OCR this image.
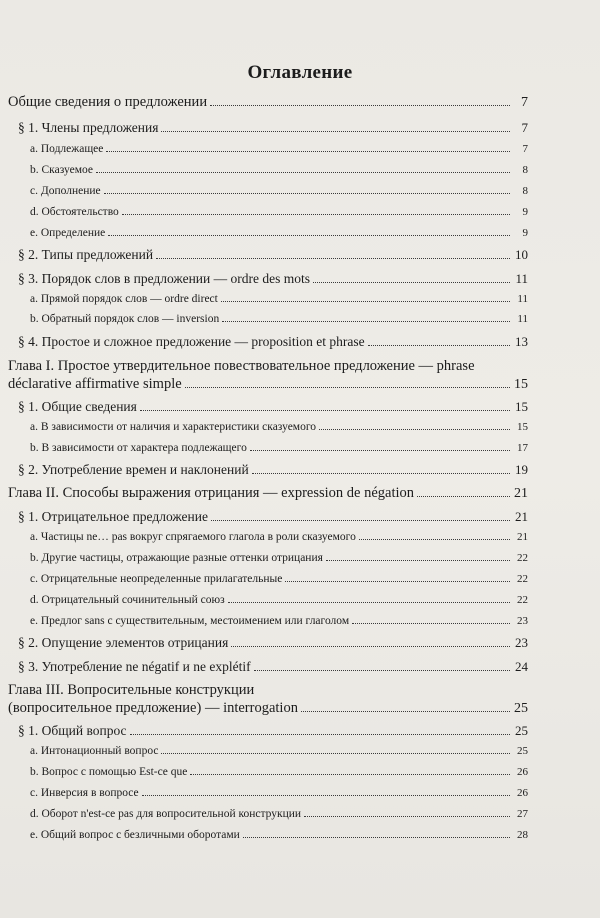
Оглавление
Общие сведения о предложении	7
§ 1. Члены предложения	7
a. Подлежащее	7
b. Сказуемое	8
c. Дополнение	8
d. Обстоятельство	9
e. Определение	9
§ 2. Типы предложений	10
§ 3. Порядок слов в предложении — ordre des mots	11
a. Прямой порядок слов — ordre direct	11
b. Обратный порядок слов — inversion	11
§ 4. Простое и сложное предложение — proposition et phrase	13
Глава I. Простое утвердительное повествовательное предложение — phrase
déclarative affirmative simple	15
§ 1. Общие сведения	15
a. В зависимости от наличия и характеристики сказуемого	15
b. В зависимости от характера подлежащего	17
§ 2. Употребление времен и наклонений	19
Глава II. Способы выражения отрицания — expression de négation	21
§ 1. Отрицательное предложение	21
a. Частицы ne… pas вокруг спрягаемого глагола в роли сказуемого	21
b. Другие частицы, отражающие разные оттенки отрицания	22
c. Отрицательные неопределенные прилагательные	22
d. Отрицательный сочинительный союз	22
e. Предлог sans с существительным, местоимением или глаголом	23
§ 2. Опущение элементов отрицания	23
§ 3. Употребление ne négatif и ne explétif	24
Глава III. Вопросительные конструкции
(вопросительное предложение) — interrogation	25
§ 1. Общий вопрос	25
a. Интонационный вопрос	25
b. Вопрос с помощью Est-ce que	26
c. Инверсия в вопросе	26
d. Оборот n'est-ce pas для вопросительной конструкции	27
e. Общий вопрос с безличными оборотами	28
